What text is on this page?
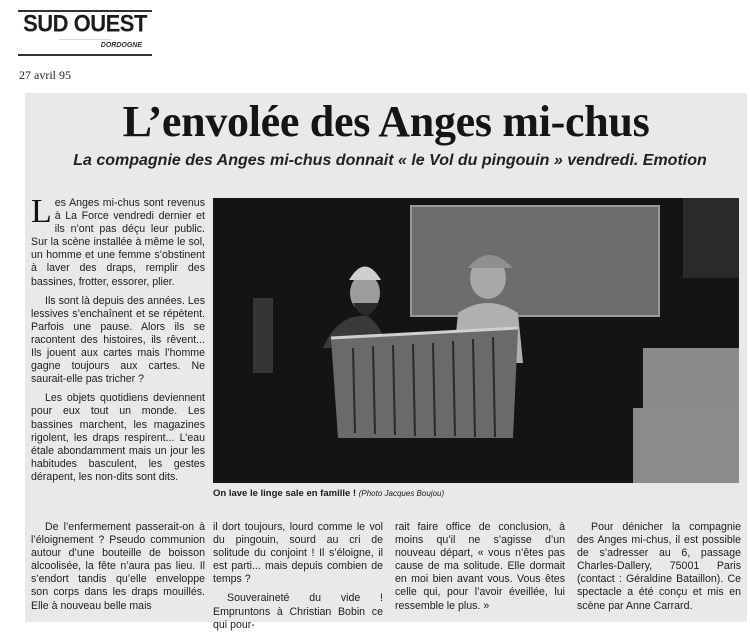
SUD OUEST
—————————————
DORDOGNE
27 avril 95
L’envolée des Anges mi-chus
La compagnie des Anges mi-chus donnait « le Vol du pingouin » vendredi. Emotion

Les Anges mi-chus sont revenus à La Force vendredi dernier et ils n’ont pas déçu leur public. Sur la scène installée à même le sol, un homme et une femme s’obstinent à laver des draps, remplir des bassines, frotter, essorer, plier.

Ils sont là depuis des années. Les lessives s’enchaînent et se répètent. Parfois une pause. Alors ils se racontent des histoires, ils rêvent... Ils jouent aux cartes mais l’homme gagne toujours aux cartes. Ne saurait-elle pas tricher ?

Les objets quotidiens deviennent pour eux tout un monde. Les bassines marchent, les magazines rigolent, les draps respirent... L’eau étale abondamment mais un jour les habitudes basculent, les gestes dérapent, les non-dits sont dits.

On lave le linge sale en famille ! (Photo Jacques Boujou)

De l’enfermement passerait-on à l’éloignement ? Pseudo communion autour d’une bouteille de boisson alcoolisée, la fête n’aura pas lieu. Il s’endort tandis qu’elle enveloppe son corps dans les draps mouillés. Elle à nouveau belle mais

il dort toujours, lourd comme le vol du pingouin, sourd au cri de solitude du conjoint ! Il s’éloigne, il est parti... mais depuis combien de temps ?

Souveraineté du vide ! Empruntons à Christian Bobin ce qui pour-

rait faire office de conclusion, à moins qu’il ne s’agisse d’un nouveau départ, « vous n’êtes pas cause de ma solitude. Elle dormait en moi bien avant vous. Vous êtes celle qui, pour l’avoir éveillée, lui ressemble le plus. »

Pour dénicher la compagnie des Anges mi-chus, il est possible de s’adresser au 6, passage Charles-Dallery, 75001 Paris (contact : Géraldine Bataillon). Ce spectacle a été conçu et mis en scène par Anne Carrard.
